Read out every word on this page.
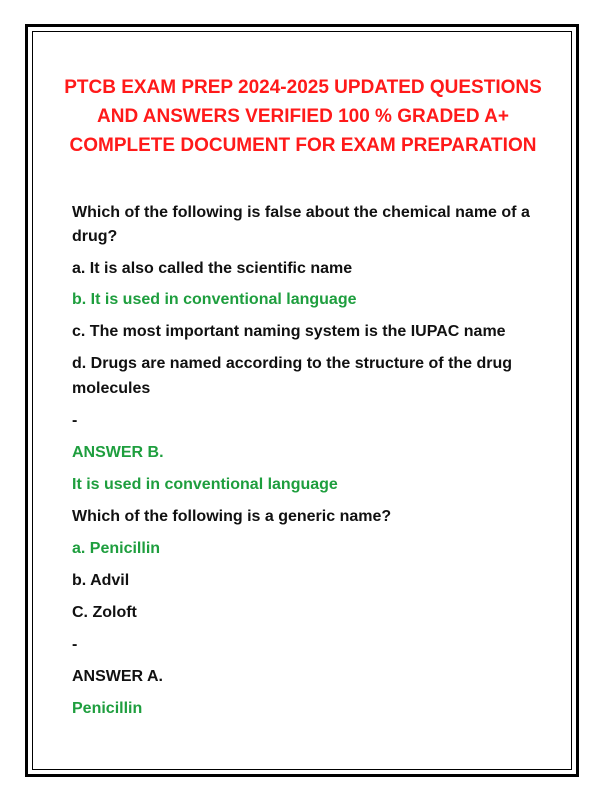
PTCB EXAM PREP 2024-2025 UPDATED QUESTIONS
AND ANSWERS VERIFIED 100 % GRADED A+
COMPLETE DOCUMENT FOR EXAM PREPARATION
Which of the following is false about the chemical name of a
drug?
a. It is also called the scientific name
b. It is used in conventional language
c. The most important naming system is the IUPAC name
d. Drugs are named according to the structure of the drug
molecules
-
ANSWER B.
It is used in conventional language
Which of the following is a generic name?
a. Penicillin
b. Advil
C. Zoloft
-
ANSWER A.
Penicillin
